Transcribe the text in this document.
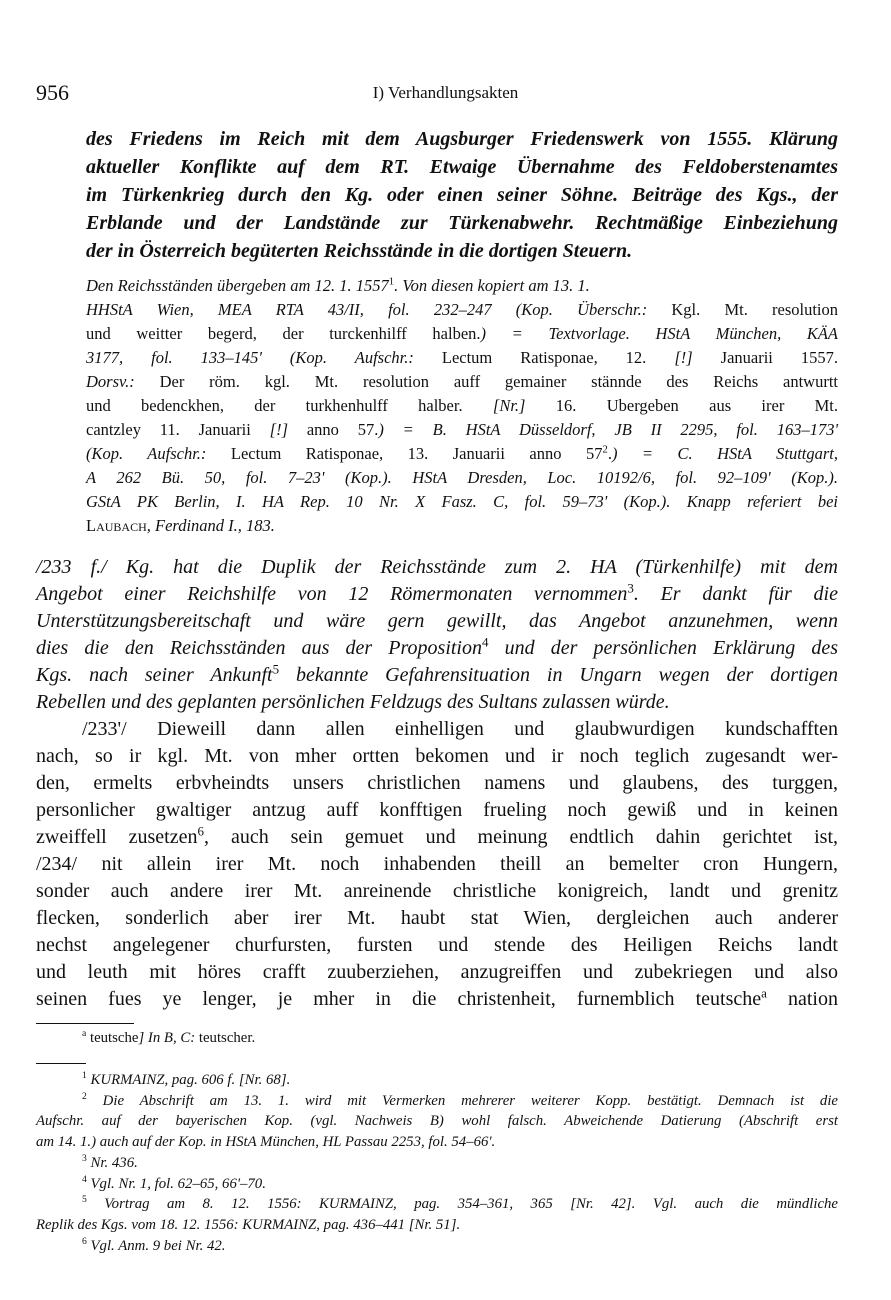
956	I) Verhandlungsakten
des Friedens im Reich mit dem Augsburger Friedenswerk von 1555. Klärung
aktueller Konflikte auf dem RT. Etwaige Übernahme des Feldoberstenamtes
im Türkenkrieg durch den Kg. oder einen seiner Söhne. Beiträge des Kgs., der
Erblande und der Landstände zur Türkenabwehr. Rechtmäßige Einbeziehung
der in Österreich begüterten Reichsstände in die dortigen Steuern.
Den Reichsständen übergeben am 12. 1. 1557$^1$. Von diesen kopiert am 13. 1.
HHStA Wien, MEA RTA 43/II, fol. 232–247 (Kop. Überschr.: Kgl. Mt. resolution
und weitter begerd, der turckenhilff halben.) = Textvorlage. HStA München, KÄA
3177, fol. 133–145' (Kop. Aufschr.: Lectum Ratisponae, 12. [!] Januarii 1557.
Dorsv.: Der röm. kgl. Mt. resolution auff gemainer stännde des Reichs antwurtt
und bedenckhen, der turkhenhulff halber. [Nr.] 16. Ubergeben aus irer Mt.
cantzley 11. Januarii [!] anno 57.) = B. HStA Düsseldorf, JB II 2295, fol. 163–173'
(Kop. Aufschr.: Lectum Ratisponae, 13. Januarii anno $57^2.) = C$. HStA Stuttgart,
A 262 Bü. 50, fol. 7–23' (Kop.). HStA Dresden, Loc. 10192/6, fol. 92–109' (Kop.).
GStA PK Berlin, I. HA Rep. 10 Nr. X Fasz. C, fol. 59–73' (Kop.). Knapp referiert bei
Laubach, Ferdinand I., 183.
/233 f./ Kg. hat die Duplik der Reichsstände zum 2. HA (Türkenhilfe) mit dem
Angebot einer Reichshilfe von 12 Römermonaten vernommen$^3$. Er dankt für die
Unterstützungsbereitschaft und wäre gern gewillt, das Angebot anzunehmen, wenn
dies die den Reichsständen aus der Proposition$^4$ und der persönlichen Erklärung des
Kgs. nach seiner Ankunft$^5$ bekannte Gefahrensituation in Ungarn wegen der dortigen
Rebellen und des geplanten persönlichen Feldzugs des Sultans zulassen würde.
/233'/ Dieweill dann allen einhelligen und glaubwurdigen kundschafften
nach, so ir kgl. Mt. von mher ortten bekomen und ir noch teglich zugesandt wer-
den, ermelts erbvheindts unsers christlichen namens und glaubens, des turggen,
personlicher gwaltiger antzug auff konfftigen frueling noch gewiß und in keinen
zweiffell zusetzen$^6$, auch sein gemuet und meinung endtlich dahin gerichtet ist,
/234/ nit allein irer Mt. noch inhabenden theill an bemelter cron Hungern,
sonder auch andere irer Mt. anreinende christliche konigreich, landt und grenitz
flecken, sonderlich aber irer Mt. haubt stat Wien, dergleichen auch anderer
nechst angelegener churfursten, fursten und stende des Heiligen Reichs landt
und leuth mit höres crafft zuuberziehen, anzugreiffen und zubekriegen und also
seinen fues ye lenger, je mher in die christenheit, furnemblich teutsche$^a$ nation
$^a$ teutsche] In B, C: teutscher.
$^1$ KURMAINZ, pag. 606 f. [Nr. 68].
$^2$ Die Abschrift am 13. 1. wird mit Vermerken mehrerer weiterer Kopp. bestätigt. Demnach ist die
Aufschr. auf der bayerischen Kop. (vgl. Nachweis B) wohl falsch. Abweichende Datierung (Abschrift erst
am 14. 1.) auch auf der Kop. in HStA München, HL Passau 2253, fol. 54–66'.
$^3$ Nr. 436.
$^4$ Vgl. Nr. 1, fol. 62–65, 66'–70.
$^5$ Vortrag am 8. 12. 1556: KURMAINZ, pag. 354–361, 365 [Nr. 42]. Vgl. auch die mündliche
Replik des Kgs. vom 18. 12. 1556: KURMAINZ, pag. 436–441 [Nr. 51].
$^6$ Vgl. Anm. 9 bei Nr. 42.
